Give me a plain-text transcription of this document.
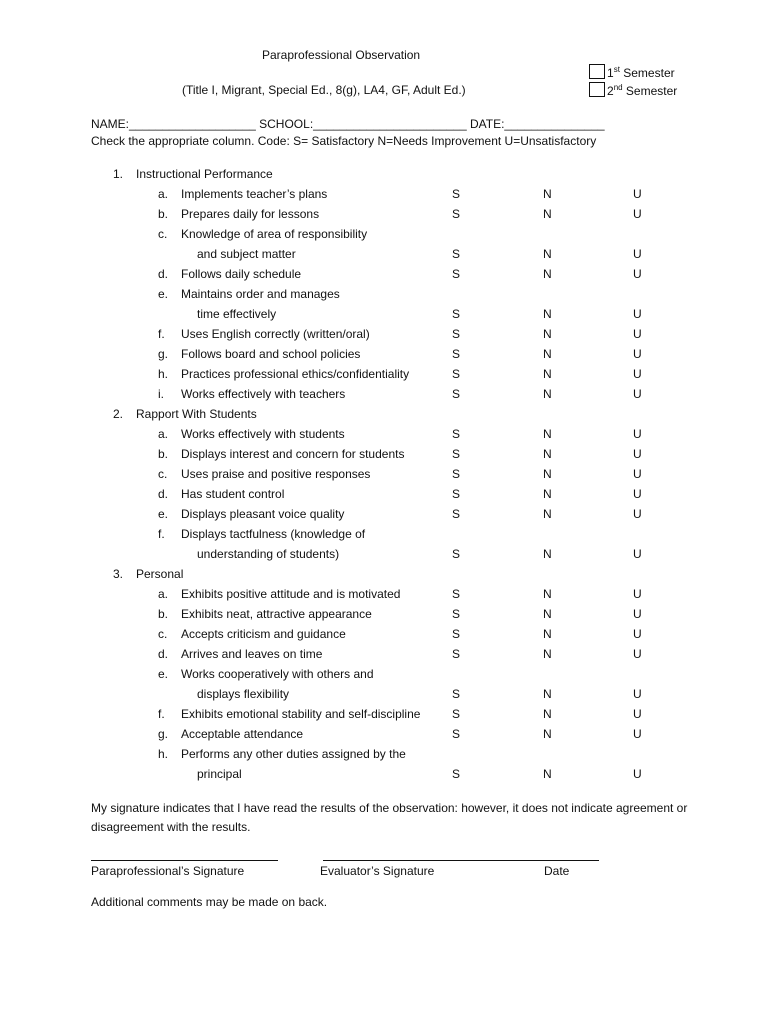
Paraprofessional Observation
(Title I, Migrant, Special Ed., 8(g), LA4, GF, Adult Ed.)
1st Semester
2nd Semester
NAME:___________________ SCHOOL:_______________________ DATE:_______________
Check the appropriate column. Code: S= Satisfactory N=Needs Improvement U=Unsatisfactory
1. Instructional Performance
a. Implements teacher’s plans	S	N	U
b. Prepares daily for lessons	S	N	U
c. Knowledge of area of responsibility
and subject matter	S	N	U
d. Follows daily schedule	S	N	U
e. Maintains order and manages
time effectively	S	N	U
f. Uses English correctly (written/oral)	S	N	U
g. Follows board and school policies	S	N	U
h. Practices professional ethics/confidentiality	S	N	U
i. Works effectively with teachers	S	N	U
2. Rapport With Students
a. Works effectively with students	S	N	U
b. Displays interest and concern for students	S	N	U
c. Uses praise and positive responses	S	N	U
d. Has student control	S	N	U
e. Displays pleasant voice quality	S	N	U
f. Displays tactfulness (knowledge of
understanding of students)	S	N	U
3. Personal
a. Exhibits positive attitude and is motivated	S	N	U
b. Exhibits neat, attractive appearance	S	N	U
c. Accepts criticism and guidance	S	N	U
d. Arrives and leaves on time	S	N	U
e. Works cooperatively with others and
displays flexibility	S	N	U
f. Exhibits emotional stability and self-discipline	S	N	U
g. Acceptable attendance	S	N	U
h. Performs any other duties assigned by the
principal	S	N	U
My signature indicates that I have read the results of the observation: however, it does not indicate agreement or disagreement with the results.
Paraprofessional’s Signature	Evaluator’s Signature	Date
Additional comments may be made on back.
